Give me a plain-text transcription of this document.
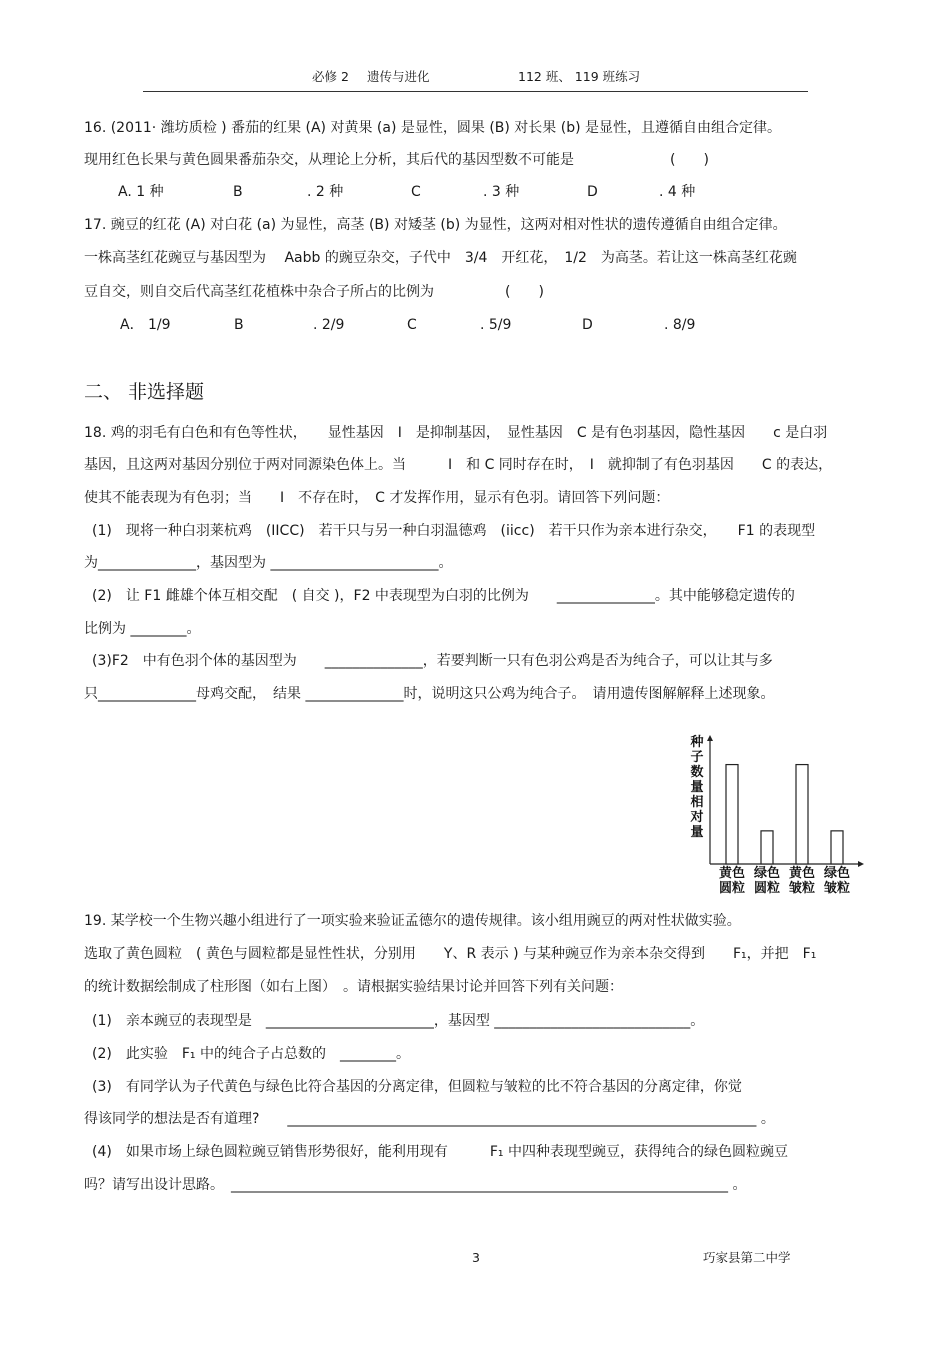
必修 2 遗传与进化	112 班、 119 班练习
16. (2011· 潍坊质检 ) 番茄的红果 (A) 对黄果 (a) 是显性，圆果 (B) 对长果 (b) 是显性，且遵循自由组合定律。
现用红色长果与黄色圆果番茄杂交，从理论上分析，其后代的基因型数不可能是	(　　)
A. 1 种	B	. 2 种	C	. 3 种	D	. 4 种
17. 豌豆的红花 (A) 对白花 (a) 为显性，高茎 (B) 对矮茎 (b) 为显性，这两对相对性状的遗传遵循自由组合定律。
一株高茎红花豌豆与基因型为　 Aabb 的豌豆杂交，子代中　3/4　开红花，　1/2　为高茎。若让这一株高茎红花豌
豆自交，则自交后代高茎红花植株中杂合子所占的比例为	(　　)
A． 1/9	B	. 2/9	C	. 5/9	D	. 8/9
二、 非选择题
18. 鸡的羽毛有白色和有色等性状，　　显性基因　I　是抑制基因，　显性基因　C 是有色羽基因，隐性基因　　c 是白羽
基因，且这两对基因分别位于两对同源染色体上。当　　　I　和 C 同时存在时，　I　就抑制了有色羽基因　　C 的表达，
使其不能表现为有色羽；当　　I　不存在时，　C 才发挥作用，显示有色羽。请回答下列问题：
(1)　现将一种白羽莱杭鸡　(IICC)　若干只与另一种白羽温德鸡　(iicc)　若干只作为亲本进行杂交，　　F1 的表现型
为______________，基因型为 ________________________。
(2)　让 F1 雌雄个体互相交配　( 自交 )，F2 中表现型为白羽的比例为　　______________。其中能够稳定遗传的
比例为 ________。
(3)F2　中有色羽个体的基因型为　　______________，若要判断一只有色羽公鸡是否为纯合子，可以让其与多
只______________母鸡交配，　结果 ______________时，说明这只公鸡为纯合子。　请用遗传图解解释上述现象。
种
子
数
量
相
对
量
黄色
圆粒
绿色
圆粒
黄色
皱粒
绿色
皱粒
19. 某学校一个生物兴趣小组进行了一项实验来验证孟德尔的遗传规律。该小组用豌豆的两对性状做实验。
选取了黄色圆粒　( 黄色与圆粒都是显性性状，分别用　　Y、R 表示 ) 与某种豌豆作为亲本杂交得到　　F₁，并把　F₁
的统计数据绘制成了柱形图（如右上图）　。请根据实验结果讨论并回答下列有关问题：
(1)　亲本豌豆的表现型是　________________________，基因型 ____________________________。
(2)　此实验　F₁ 中的纯合子占总数的　________。
(3)　有同学认为子代黄色与绿色比符合基因的分离定律，但圆粒与皱粒的比不符合基因的分离定律，你觉
得该同学的想法是否有道理?　　___________________________________________________________________ 。
(4)　如果市场上绿色圆粒豌豆销售形势很好，能利用现有　　　F₁ 中四种表现型豌豆，获得纯合的绿色圆粒豌豆
吗？请写出设计思路。　_______________________________________________________________________ 。
3	巧家县第二中学
